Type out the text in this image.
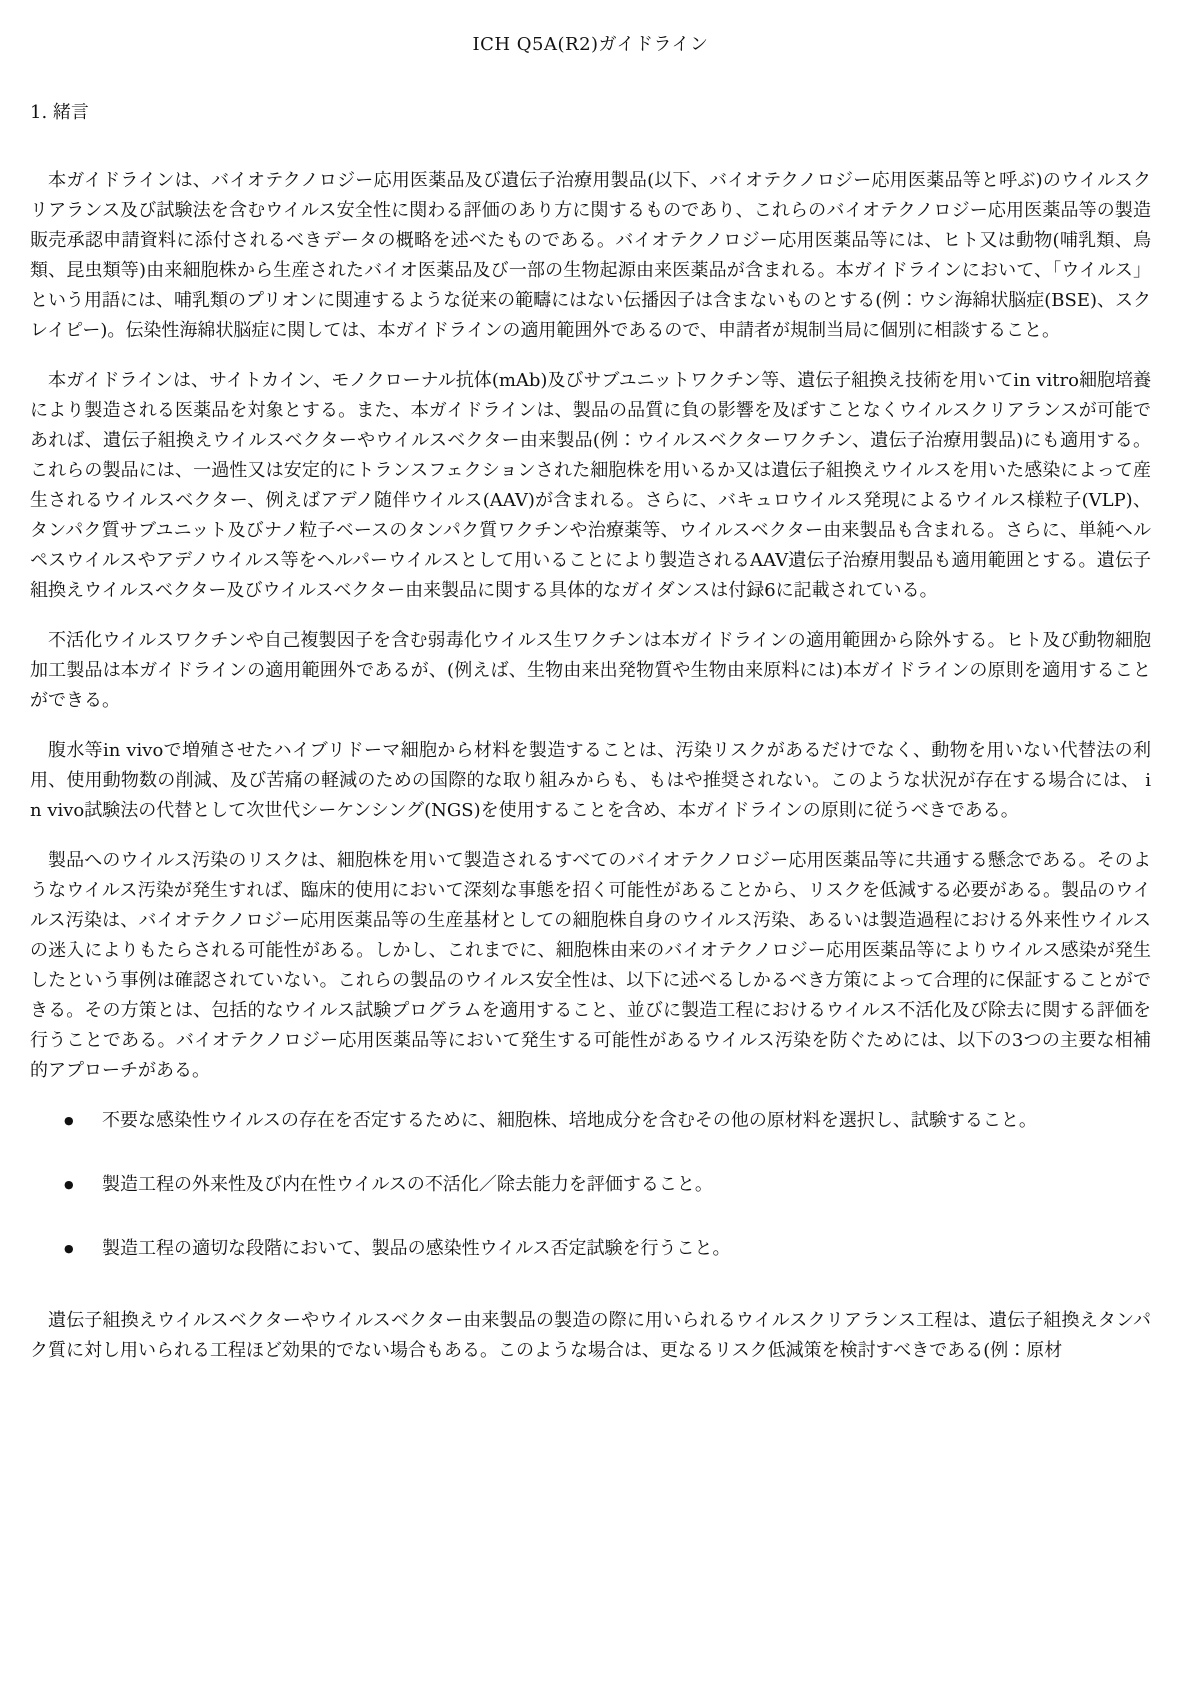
ICH Q5A(R2)ガイドライン
1. 緒言

本ガイドラインは、バイオテクノロジー応用医薬品及び遺伝子治療用製品(以下、バイオテクノロジー応用医薬品等と呼ぶ)のウイルスクリアランス及び試験法を含むウイルス安全性に関わる評価のあり方に関するものであり、これらのバイオテクノロジー応用医薬品等の製造販売承認申請資料に添付されるべきデータの概略を述べたものである。バイオテクノロジー応用医薬品等には、ヒト又は動物(哺乳類、鳥類、昆虫類等)由来細胞株から生産されたバイオ医薬品及び一部の生物起源由来医薬品が含まれる。本ガイドラインにおいて、「ウイルス」という用語には、哺乳類のプリオンに関連するような従来の範疇にはない伝播因子は含まないものとする(例：ウシ海綿状脳症(BSE)、スクレイピー)。伝染性海綿状脳症に関しては、本ガイドラインの適用範囲外であるので、申請者が規制当局に個別に相談すること。

本ガイドラインは、サイトカイン、モノクローナル抗体(mAb)及びサブユニットワクチン等、遺伝子組換え技術を用いてin vitro細胞培養により製造される医薬品を対象とする。また、本ガイドラインは、製品の品質に負の影響を及ぼすことなくウイルスクリアランスが可能であれば、遺伝子組換えウイルスベクターやウイルスベクター由来製品(例：ウイルスベクターワクチン、遺伝子治療用製品)にも適用する。これらの製品には、一過性又は安定的にトランスフェクションされた細胞株を用いるか又は遺伝子組換えウイルスを用いた感染によって産生されるウイルスベクター、例えばアデノ随伴ウイルス(AAV)が含まれる。さらに、バキュロウイルス発現によるウイルス様粒子(VLP)、タンパク質サブユニット及びナノ粒子ベースのタンパク質ワクチンや治療薬等、ウイルスベクター由来製品も含まれる。さらに、単純ヘルペスウイルスやアデノウイルス等をヘルパーウイルスとして用いることにより製造されるAAV遺伝子治療用製品も適用範囲とする。遺伝子組換えウイルスベクター及びウイルスベクター由来製品に関する具体的なガイダンスは付録6に記載されている。

不活化ウイルスワクチンや自己複製因子を含む弱毒化ウイルス生ワクチンは本ガイドラインの適用範囲から除外する。ヒト及び動物細胞加工製品は本ガイドラインの適用範囲外であるが、(例えば、生物由来出発物質や生物由来原料には)本ガイドラインの原則を適用することができる。

腹水等in vivoで増殖させたハイブリドーマ細胞から材料を製造することは、汚染リスクがあるだけでなく、動物を用いない代替法の利用、使用動物数の削減、及び苦痛の軽減のための国際的な取り組みからも、もはや推奨されない。このような状況が存在する場合には、 in vivo試験法の代替として次世代シーケンシング(NGS)を使用することを含め、本ガイドラインの原則に従うべきである。

製品へのウイルス汚染のリスクは、細胞株を用いて製造されるすべてのバイオテクノロジー応用医薬品等に共通する懸念である。そのようなウイルス汚染が発生すれば、臨床的使用において深刻な事態を招く可能性があることから、リスクを低減する必要がある。製品のウイルス汚染は、バイオテクノロジー応用医薬品等の生産基材としての細胞株自身のウイルス汚染、あるいは製造過程における外来性ウイルスの迷入によりもたらされる可能性がある。しかし、これまでに、細胞株由来のバイオテクノロジー応用医薬品等によりウイルス感染が発生したという事例は確認されていない。これらの製品のウイルス安全性は、以下に述べるしかるべき方策によって合理的に保証することができる。その方策とは、包括的なウイルス試験プログラムを適用すること、並びに製造工程におけるウイルス不活化及び除去に関する評価を行うことである。バイオテクノロジー応用医薬品等において発生する可能性があるウイルス汚染を防ぐためには、以下の3つの主要な相補的アプローチがある。

● 不要な感染性ウイルスの存在を否定するために、細胞株、培地成分を含むその他の原材料を選択し、試験すること。
● 製造工程の外来性及び内在性ウイルスの不活化／除去能力を評価すること。
● 製造工程の適切な段階において、製品の感染性ウイルス否定試験を行うこと。

遺伝子組換えウイルスベクターやウイルスベクター由来製品の製造の際に用いられるウイルスクリアランス工程は、遺伝子組換えタンパク質に対し用いられる工程ほど効果的でない場合もある。このような場合は、更なるリスク低減策を検討すべきである(例：原材
